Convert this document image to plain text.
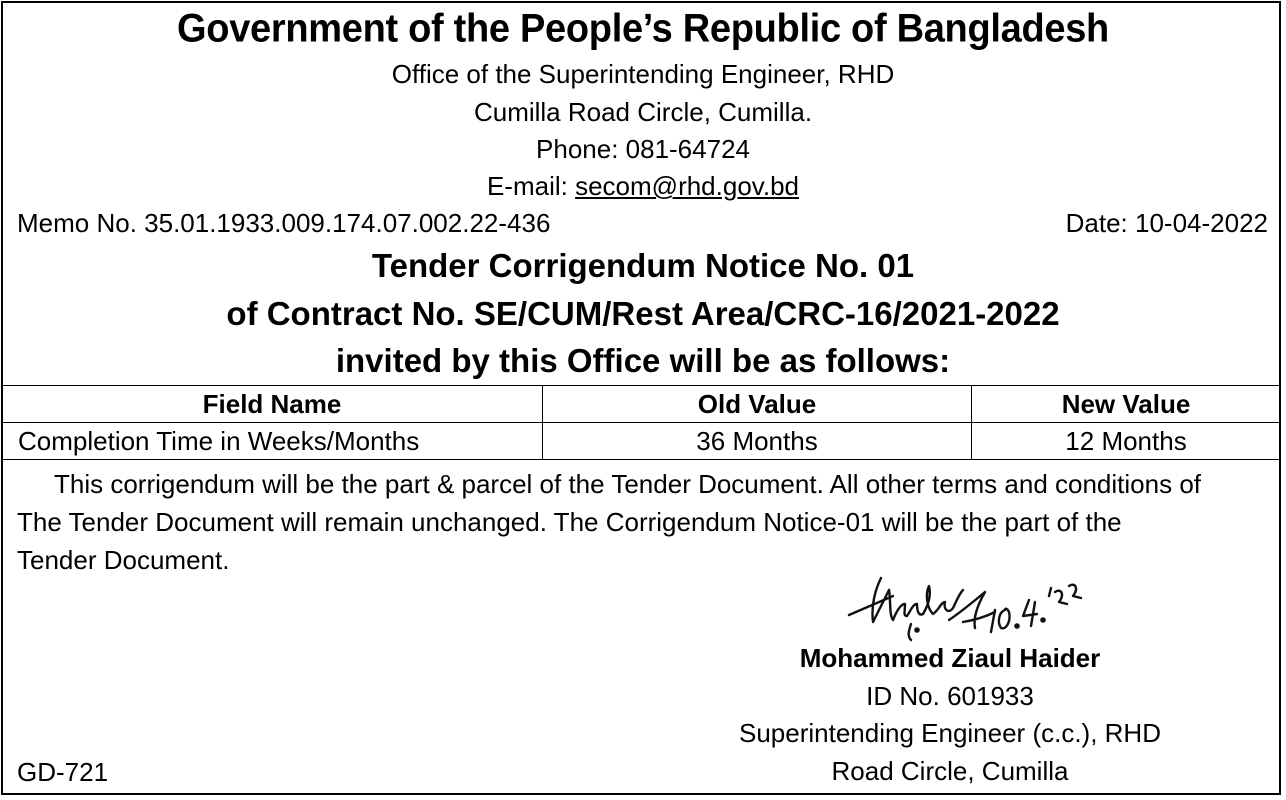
Government of the People’s Republic of Bangladesh
Office of the Superintending Engineer, RHD
Cumilla Road Circle, Cumilla.
Phone: 081-64724
E-mail: secom@rhd.gov.bd
Memo No. 35.01.1933.009.174.07.002.22-436	Date: 10-04-2022
Tender Corrigendum Notice No. 01
of Contract No. SE/CUM/Rest Area/CRC-16/2021-2022
invited by this Office will be as follows:
Field Name	Old Value	New Value
Completion Time in Weeks/Months	36 Months	12 Months

This corrigendum will be the part & parcel of the Tender Document. All other terms and conditions of

The Tender Document will remain unchanged. The Corrigendum Notice-01 will be the part of the

Tender Document.

Mohammed Ziaul Haider
ID No. 601933
Superintending Engineer (c.c.), RHD
Road Circle, Cumilla
GD-721
